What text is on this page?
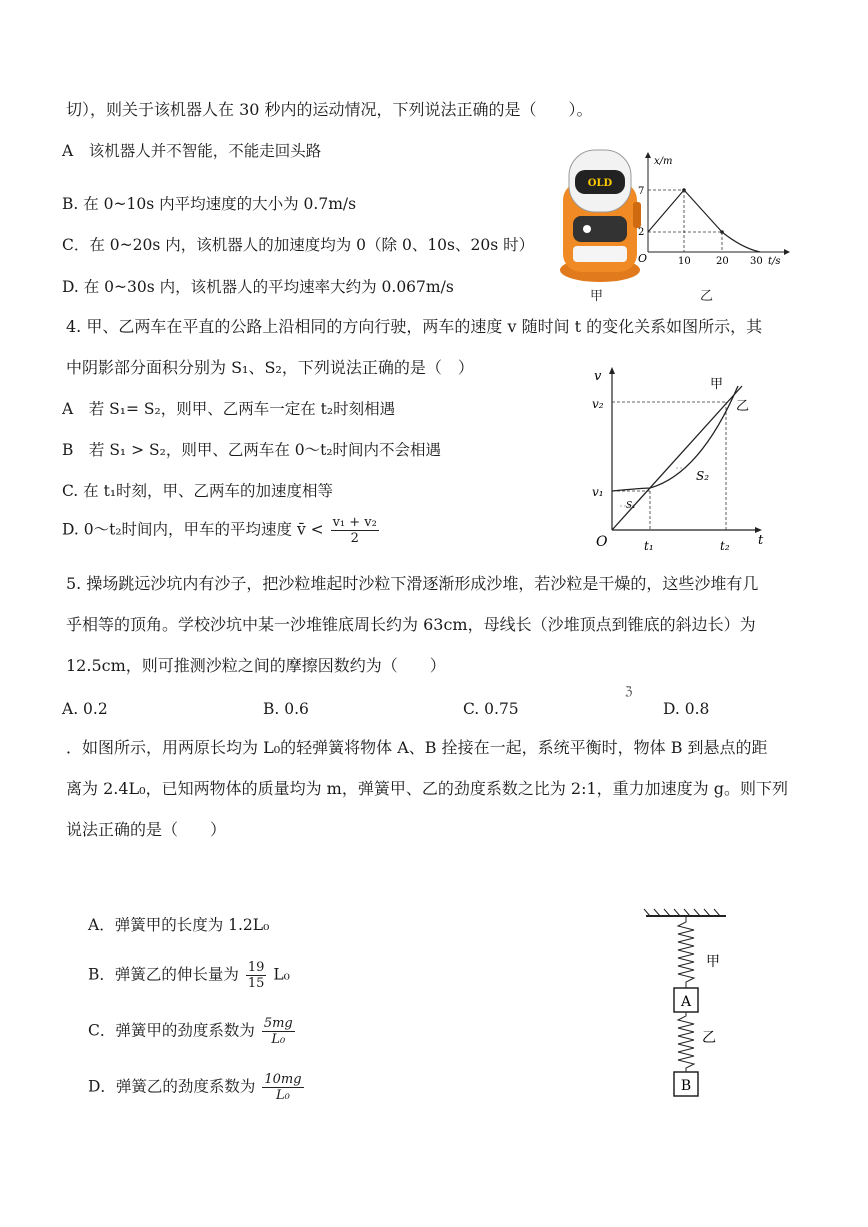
切），则关于该机器人在 30 秒内的运动情况，下列说法正确的是（　　）。
A　该机器人并不智能，不能走回头路
B. 在 0~10s 内平均速度的大小为 0.7m/s
C．在 0~20s 内，该机器人的加速度均为 0（除 0、10s、20s 时）
D. 在 0~30s 内，该机器人的平均速率大约为 0.067m/s
OLD
甲
x/m
t/s
O
7
2
10	20 30
乙
4. 甲、乙两车在平直的公路上沿相同的方向行驶，两车的速度 v 随时间 t 的变化关系如图所示，其
中阴影部分面积分别为 S₁、S₂，下列说法正确的是（　）
A　若 S₁= S₂，则甲、乙两车一定在 t₂时刻相遇
B　若 S₁ > S₂，则甲、乙两车在 0～t₂时间内不会相遇
C. 在 t₁时刻，甲、乙两车的加速度相等
D. 0～t₂时间内，甲车的平均速度 v̄ < $\frac{\text{v₁ + v₂}}{2}$
v
t
O
v₂
v₁
t₁	t₂
S₂
S₁
甲
乙
5. 操场跳远沙坑内有沙子，把沙粒堆起时沙粒下滑逐渐形成沙堆，若沙粒是干燥的，这些沙堆有几
乎相等的顶角。学校沙坑中某一沙堆锥底周长约为 63cm，母线长（沙堆顶点到锥底的斜边长）为
12.5cm，则可推测沙粒之间的摩擦因数约为（　　）
ℨ
A. 0.2	B. 0.6	C. 0.75	D. 0.8
．如图所示，用两原长均为 L₀的轻弹簧将物体 A、B 拴接在一起，系统平衡时，物体 B 到悬点的距
离为 2.4L₀，已知两物体的质量均为 m，弹簧甲、乙的劲度系数之比为 2:1，重力加速度为 g。则下列
说法正确的是（　　）
A．弹簧甲的长度为 1.2L₀
B．弹簧乙的伸长量为 $\frac{19}{15} L_0$
C．弹簧甲的劲度系数为 $\frac{5mg}{\text{L₀}}$
D．弹簧乙的劲度系数为 $\frac{10mg}{\text{L₀}}$
甲
A
乙
B
